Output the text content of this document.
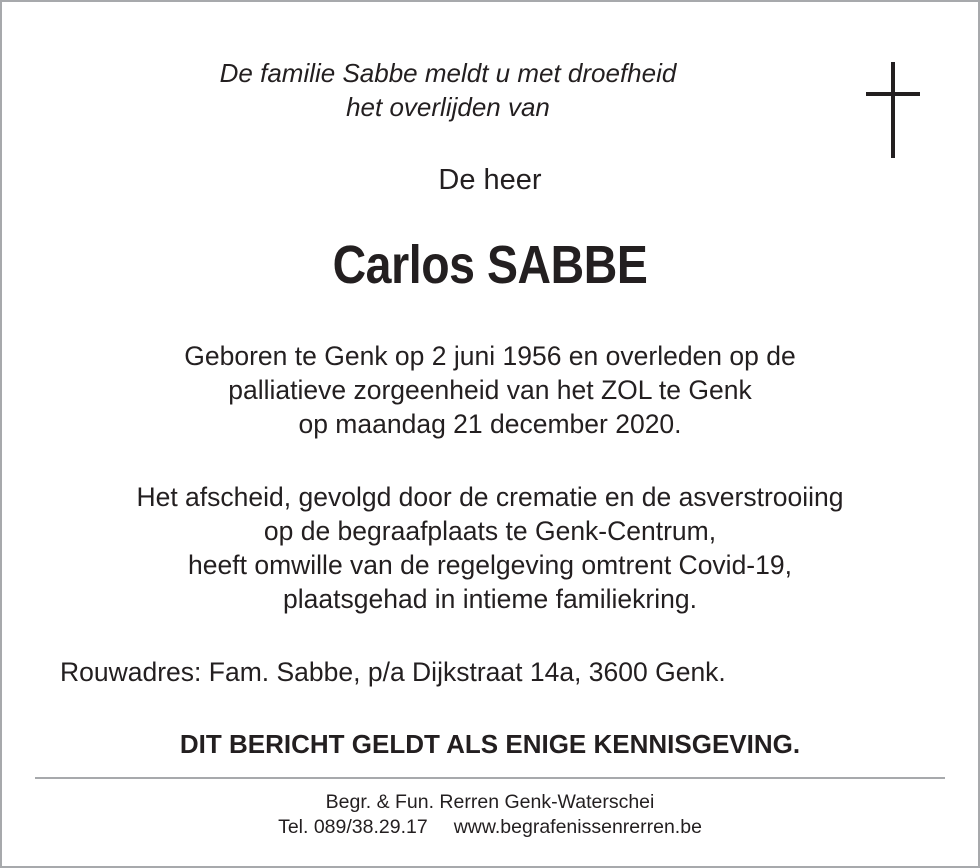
De familie Sabbe meldt u met droefheid
het overlijden van
De heer
Carlos SABBE
Geboren te Genk op 2 juni 1956 en overleden op de
palliatieve zorgeenheid van het ZOL te Genk
op maandag 21 december 2020.
Het afscheid, gevolgd door de crematie en de asverstrooiing
op de begraafplaats te Genk-Centrum,
heeft omwille van de regelgeving omtrent Covid-19,
plaatsgehad in intieme familiekring.
Rouwadres: Fam. Sabbe, p/a Dijkstraat 14a, 3600 Genk.
DIT BERICHT GELDT ALS ENIGE KENNISGEVING.
Begr. & Fun. Rerren Genk-Waterschei
Tel. 089/38.29.17 www.begrafenissenrerren.be
